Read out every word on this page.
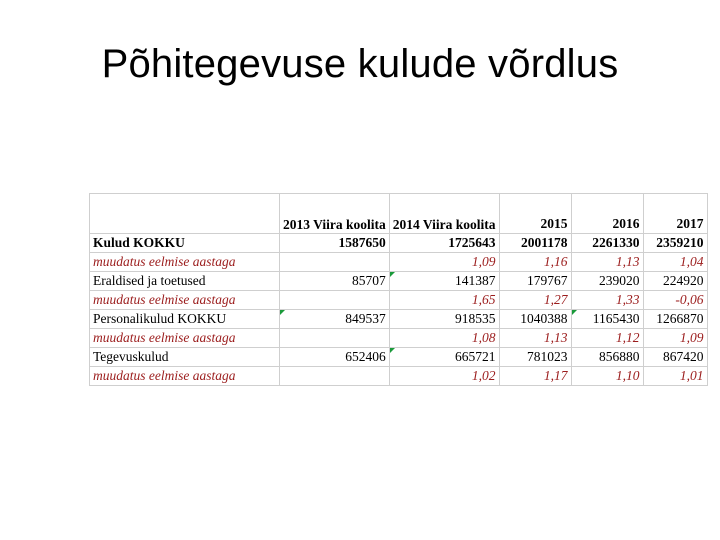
Põhitegevuse kulude võrdlus
	2013 Viira koolita	2014 Viira koolita	2015	2016	2017
Kulud KOKKU	1587650	1725643	2001178	2261330	2359210
muudatus eelmise aastaga		1,09	1,16	1,13	1,04
Eraldised ja toetused	85707	141387	179767	239020	224920
muudatus eelmise aastaga		1,65	1,27	1,33	-0,06
Personalikulud KOKKU	849537	918535	1040388	1165430	1266870
muudatus eelmise aastaga		1,08	1,13	1,12	1,09
Tegevuskulud	652406	665721	781023	856880	867420
muudatus eelmise aastaga		1,02	1,17	1,10	1,01
